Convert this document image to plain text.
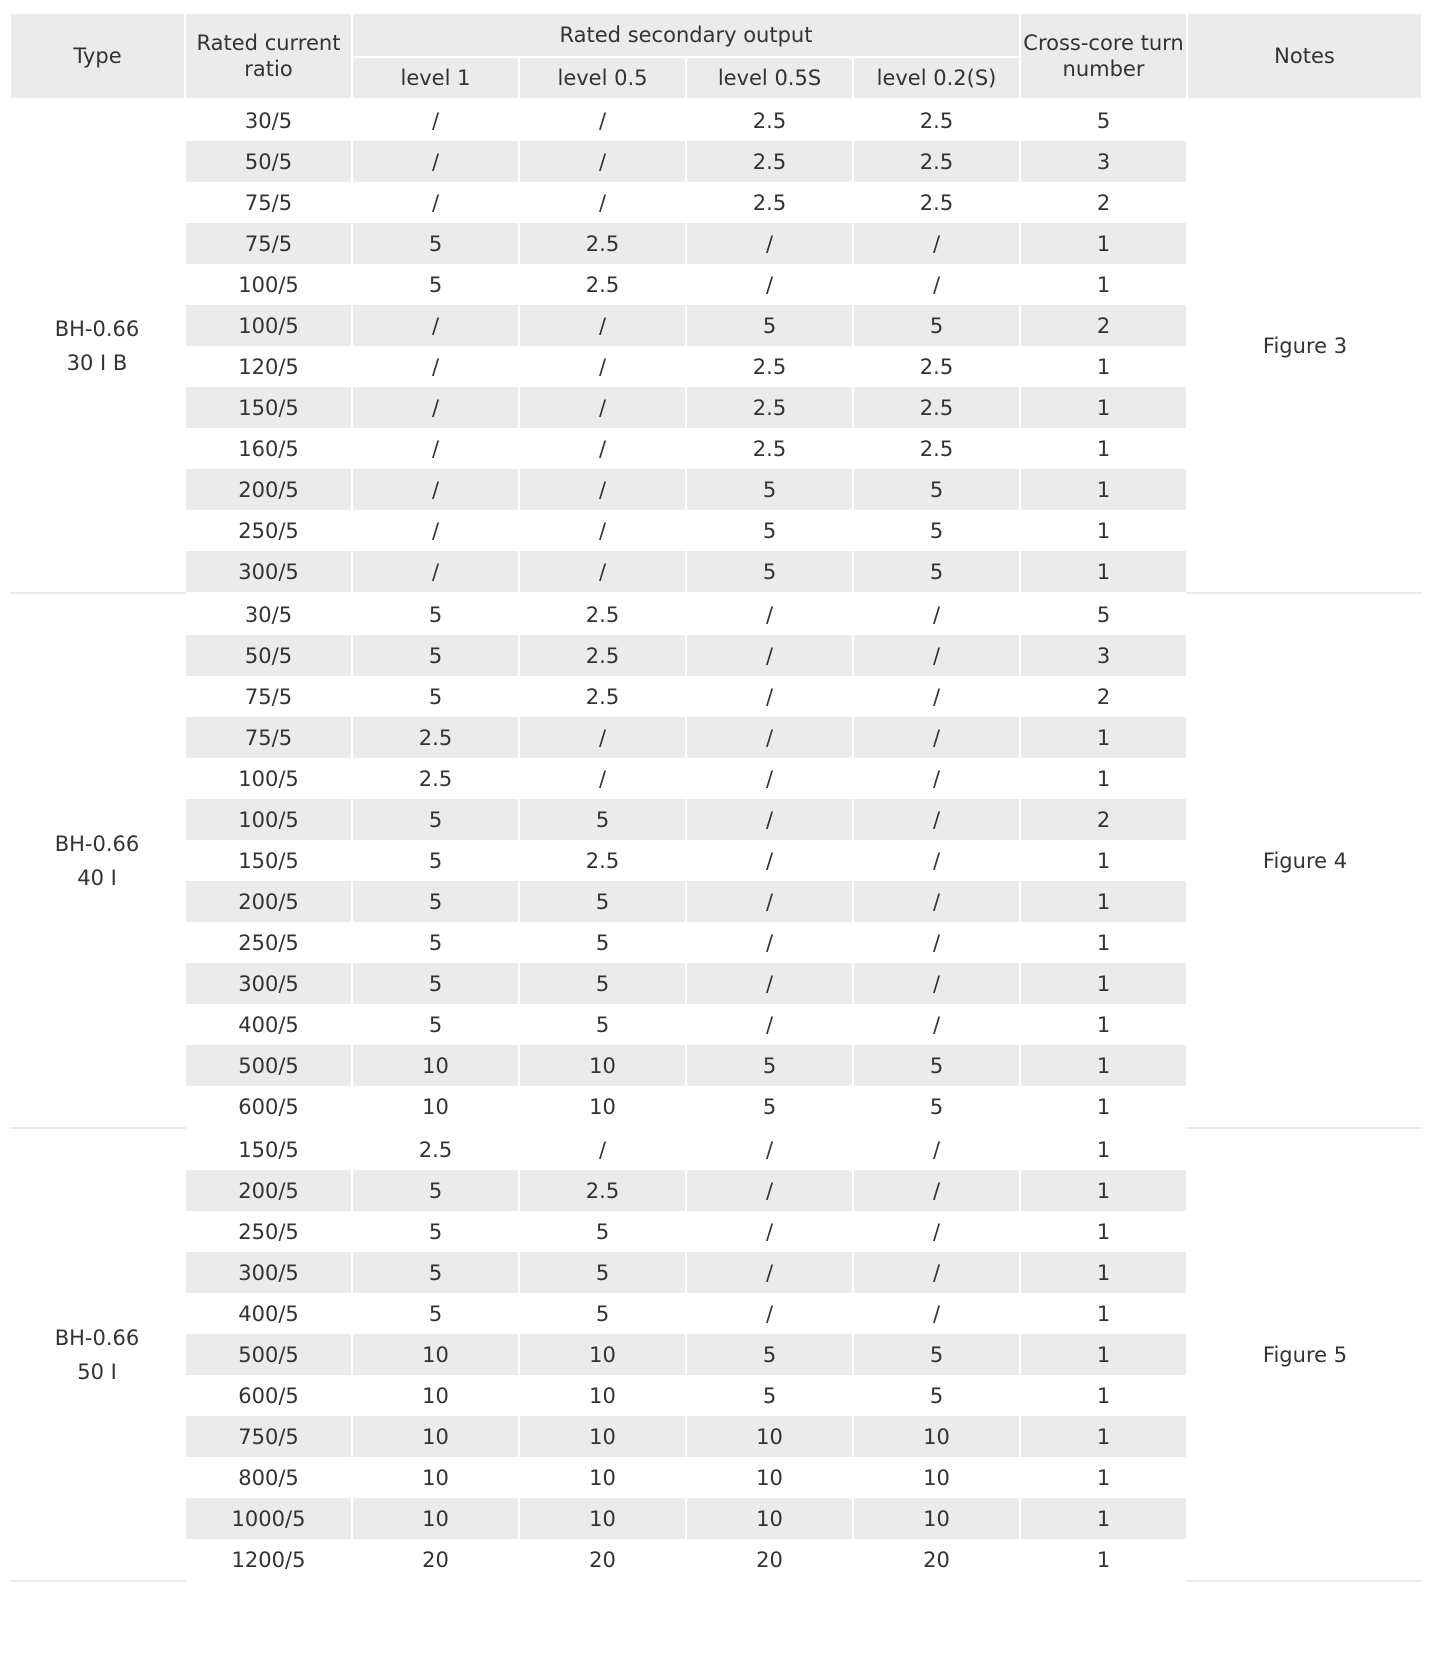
Type	Rated current ratio	Rated secondary output				Cross-core turn number	Notes
		level 1	level 0.5	level 0.5S	level 0.2(S)		

BH-0.66
30 I B	30/5	/	/	2.5	2.5	5	Figure 3
	50/5	/	/	2.5	2.5	3	
	75/5	/	/	2.5	2.5	2	
	75/5	5	2.5	/	/	1	
	100/5	5	2.5	/	/	1	
	100/5	/	/	5	5	2	
	120/5	/	/	2.5	2.5	1	
	150/5	/	/	2.5	2.5	1	
	160/5	/	/	2.5	2.5	1	
	200/5	/	/	5	5	1	
	250/5	/	/	5	5	1	
	300/5	/	/	5	5	1	

BH-0.66
40 I	30/5	5	2.5	/	/	5	Figure 4
	50/5	5	2.5	/	/	3	
	75/5	5	2.5	/	/	2	
	75/5	2.5	/	/	/	1	
	100/5	2.5	/	/	/	1	
	100/5	5	5	/	/	2	
	150/5	5	2.5	/	/	1	
	200/5	5	5	/	/	1	
	250/5	5	5	/	/	1	
	300/5	5	5	/	/	1	
	400/5	5	5	/	/	1	
	500/5	10	10	5	5	1	
	600/5	10	10	5	5	1	

BH-0.66
50 I	150/5	2.5	/	/	/	1	Figure 5
	200/5	5	2.5	/	/	1	
	250/5	5	5	/	/	1	
	300/5	5	5	/	/	1	
	400/5	5	5	/	/	1	
	500/5	10	10	5	5	1	
	600/5	10	10	5	5	1	
	750/5	10	10	10	10	1	
	800/5	10	10	10	10	1	
	1000/5	10	10	10	10	1	
	1200/5	20	20	20	20	1	
